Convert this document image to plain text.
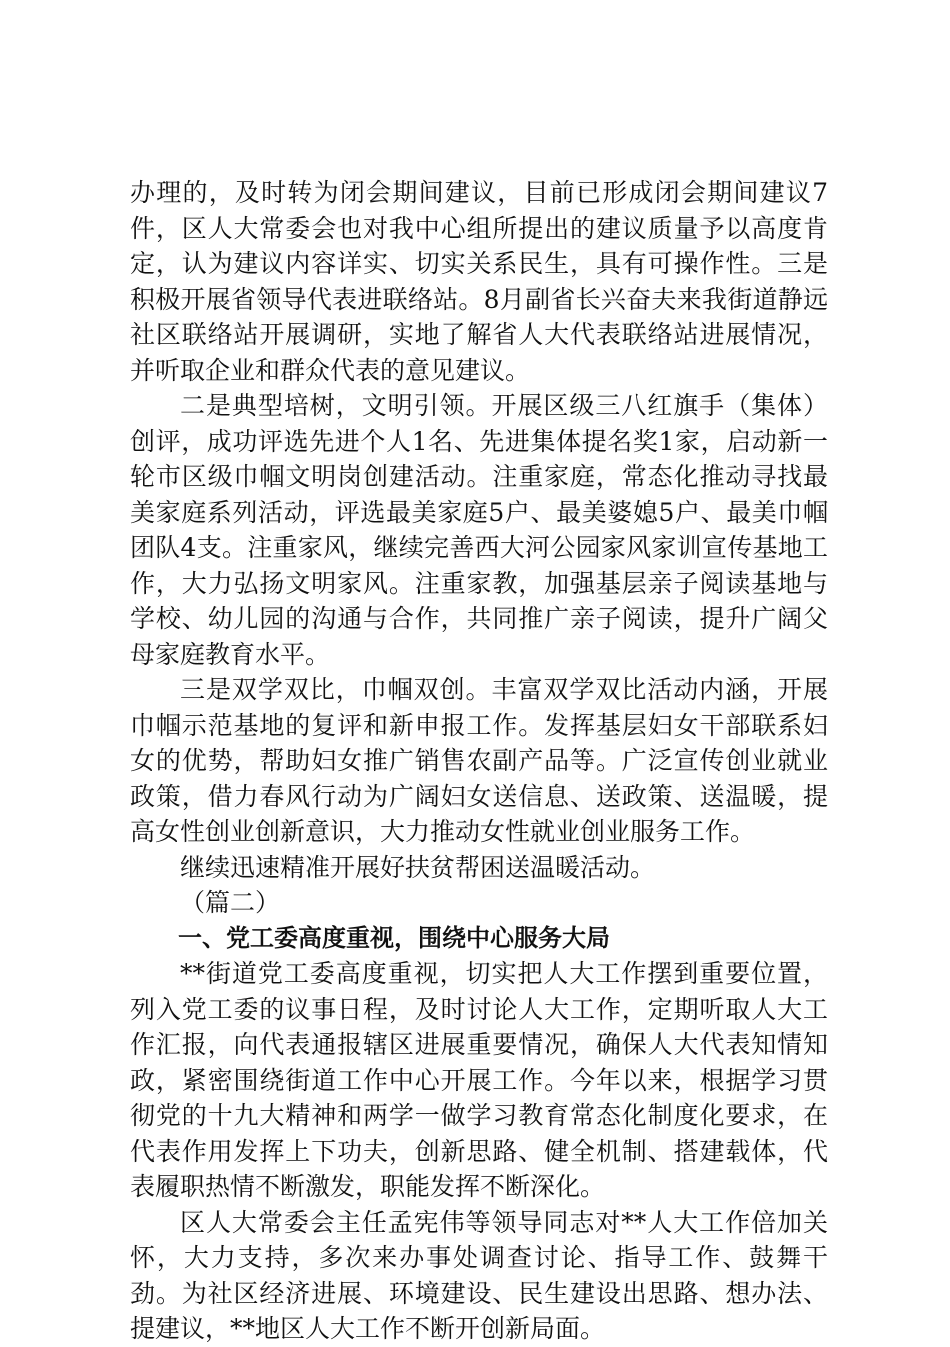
办理的，及时转为闭会期间建议，目前已形成闭会期间建议7件，区人大常委会也对我中心组所提出的建议质量予以高度肯定，认为建议内容详实、切实关系民生，具有可操作性。三是积极开展省领导代表进联络站。8月副省长兴奋夫来我街道静远社区联络站开展调研，实地了解省人大代表联络站进展情况，并听取企业和群众代表的意见建议。

二是典型培树，文明引领。开展区级三八红旗手（集体）创评，成功评选先进个人1名、先进集体提名奖1家，启动新一轮市区级巾帼文明岗创建活动。注重家庭，常态化推动寻找最美家庭系列活动，评选最美家庭5户、最美婆媳5户、最美巾帼团队4支。注重家风，继续完善西大河公园家风家训宣传基地工作，大力弘扬文明家风。注重家教，加强基层亲子阅读基地与学校、幼儿园的沟通与合作，共同推广亲子阅读，提升广阔父母家庭教育水平。

三是双学双比，巾帼双创。丰富双学双比活动内涵，开展巾帼示范基地的复评和新申报工作。发挥基层妇女干部联系妇女的优势，帮助妇女推广销售农副产品等。广泛宣传创业就业政策，借力春风行动为广阔妇女送信息、送政策、送温暖，提高女性创业创新意识，大力推动女性就业创业服务工作。

继续迅速精准开展好扶贫帮困送温暖活动。

（篇二）

一、党工委高度重视，围绕中心服务大局

**街道党工委高度重视，切实把人大工作摆到重要位置，列入党工委的议事日程，及时讨论人大工作，定期听取人大工作汇报，向代表通报辖区进展重要情况，确保人大代表知情知政，紧密围绕街道工作中心开展工作。今年以来，根据学习贯彻党的十九大精神和两学一做学习教育常态化制度化要求，在代表作用发挥上下功夫，创新思路、健全机制、搭建载体，代表履职热情不断激发，职能发挥不断深化。

区人大常委会主任孟宪伟等领导同志对**人大工作倍加关怀，大力支持，多次来办事处调查讨论、指导工作、鼓舞干劲。为社区经济进展、环境建设、民生建设出思路、想办法、提建议，**地区人大工作不断开创新局面。
